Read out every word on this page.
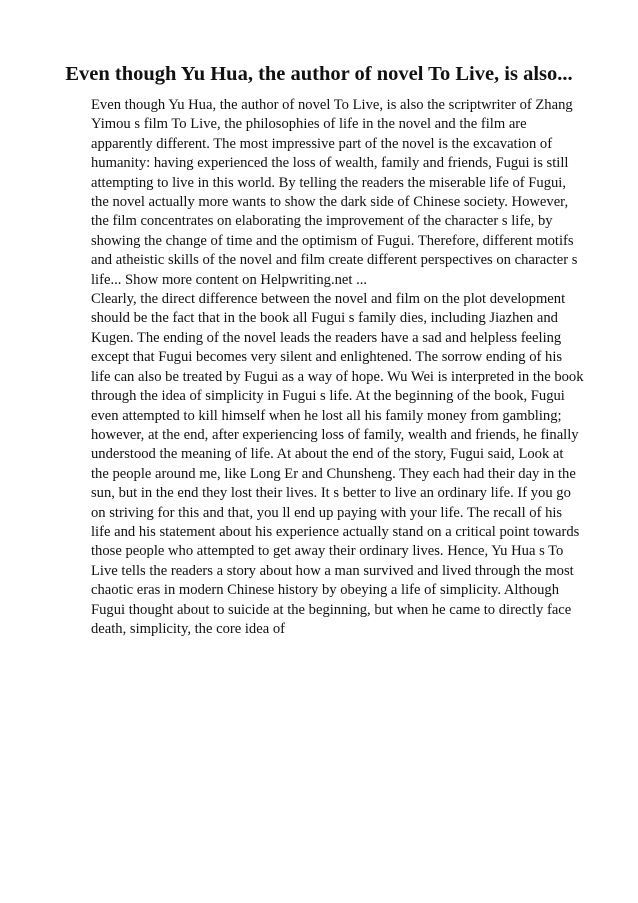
Even though Yu Hua, the author of novel To Live, is also...
Even though Yu Hua, the author of novel To Live, is also the scriptwriter of Zhang
Yimou s film To Live, the philosophies of life in the novel and the film are
apparently different. The most impressive part of the novel is the excavation of
humanity: having experienced the loss of wealth, family and friends, Fugui is still
attempting to live in this world. By telling the readers the miserable life of Fugui,
the novel actually more wants to show the dark side of Chinese society. However,
the film concentrates on elaborating the improvement of the character s life, by
showing the change of time and the optimism of Fugui. Therefore, different motifs
and atheistic skills of the novel and film create different perspectives on character s
life... Show more content on Helpwriting.net ...
Clearly, the direct difference between the novel and film on the plot development
should be the fact that in the book all Fugui s family dies, including Jiazhen and
Kugen. The ending of the novel leads the readers have a sad and helpless feeling
except that Fugui becomes very silent and enlightened. The sorrow ending of his
life can also be treated by Fugui as a way of hope. Wu Wei is interpreted in the book
through the idea of simplicity in Fugui s life. At the beginning of the book, Fugui
even attempted to kill himself when he lost all his family money from gambling;
however, at the end, after experiencing loss of family, wealth and friends, he finally
understood the meaning of life. At about the end of the story, Fugui said, Look at
the people around me, like Long Er and Chunsheng. They each had their day in the
sun, but in the end they lost their lives. It s better to live an ordinary life. If you go
on striving for this and that, you ll end up paying with your life. The recall of his
life and his statement about his experience actually stand on a critical point towards
those people who attempted to get away their ordinary lives. Hence, Yu Hua s To
Live tells the readers a story about how a man survived and lived through the most
chaotic eras in modern Chinese history by obeying a life of simplicity. Although
Fugui thought about to suicide at the beginning, but when he came to directly face
death, simplicity, the core idea of
